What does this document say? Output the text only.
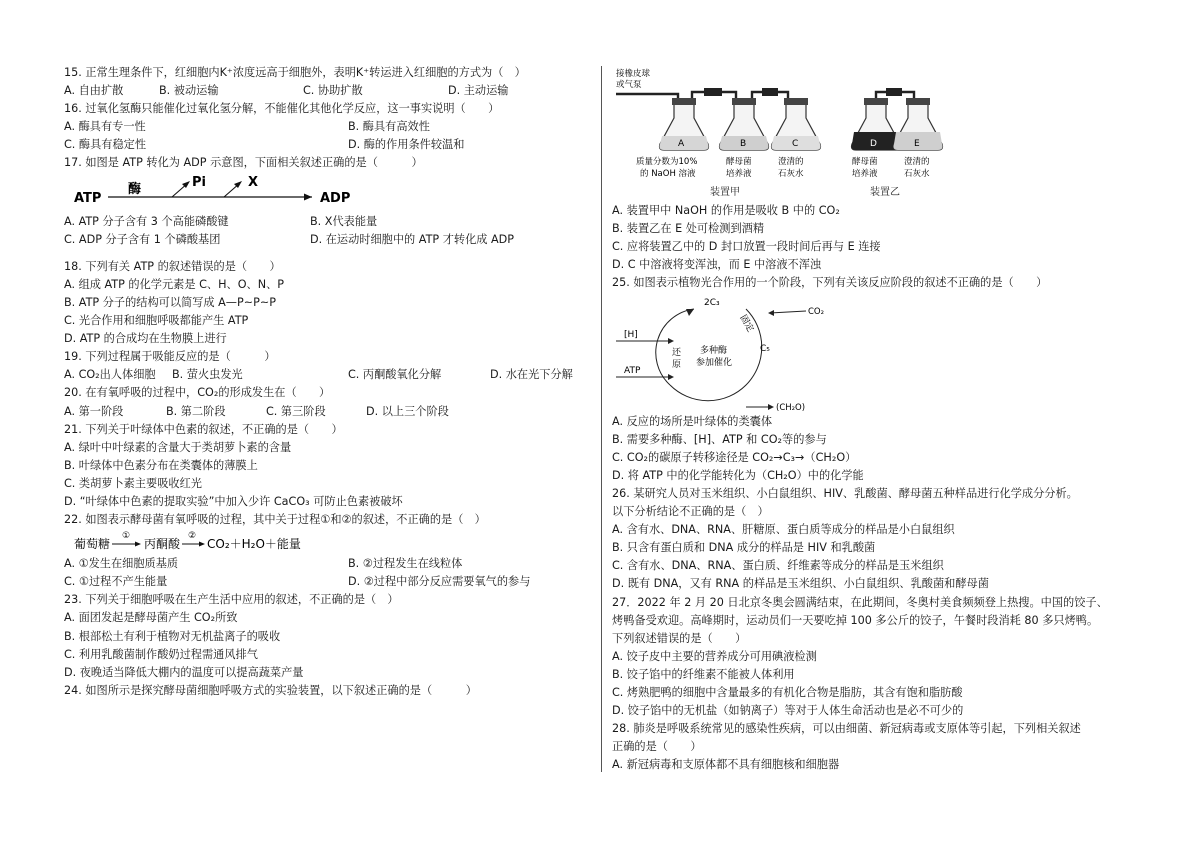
15. 正常生理条件下，红细胞内K⁺浓度远高于细胞外，表明K⁺转运进入红细胞的方式为（　）
A. 自由扩散	B. 被动运输	C. 协助扩散	D. 主动运输
16. 过氧化氢酶只能催化过氧化氢分解，不能催化其他化学反应，这一事实说明（　　）
A. 酶具有专一性	B. 酶具有高效性
C. 酶具有稳定性	D. 酶的作用条件较温和
17. 如图是 ATP 转化为 ADP 示意图，下面相关叙述正确的是（　　　）
ATP
酶	Pi	X
ADP
A. ATP 分子含有 3 个高能磷酸键	B. X代表能量
C. ADP 分子含有 1 个磷酸基团	D. 在运动时细胞中的 ATP 才转化成 ADP
18. 下列有关 ATP 的叙述错误的是（　　）
A. 组成 ATP 的化学元素是 C、H、O、N、P
B. ATP 分子的结构可以简写成 A—P~P~P
C. 光合作用和细胞呼吸都能产生 ATP
D. ATP 的合成均在生物膜上进行
19. 下列过程属于吸能反应的是（　　　）
A. CO₂出人体细胞	B. 萤火虫发光	C. 丙酮酸氧化分解	D. 水在光下分解
20. 在有氧呼吸的过程中，CO₂的形成发生在（　　）
A. 第一阶段	B. 第二阶段	C. 第三阶段	D. 以上三个阶段
21. 下列关于叶绿体中色素的叙述，不正确的是（　　）
A. 绿叶中叶绿素的含量大于类胡萝卜素的含量
B. 叶绿体中色素分布在类囊体的薄膜上
C. 类胡萝卜素主要吸收红光
D. “叶绿体中色素的提取实验”中加入少许 CaCO₃ 可防止色素被破坏
22. 如图表示酵母菌有氧呼吸的过程，其中关于过程①和②的叙述，不正确的是（　）
葡萄糖
①
丙酮酸
②
CO₂＋H₂O＋能量
A. ①发生在细胞质基质	B. ②过程发生在线粒体
C. ①过程不产生能量	D. ②过程中部分反应需要氧气的参与
23. 下列关于细胞呼吸在生产生活中应用的叙述，不正确的是（　）
A. 面团发起是酵母菌产生 CO₂所致
B. 根部松土有利于植物对无机盐离子的吸收
C. 利用乳酸菌制作酸奶过程需通风排气
D. 夜晚适当降低大棚内的温度可以提高蔬菜产量
24. 如图所示是探究酵母菌细胞呼吸方式的实验装置，以下叙述正确的是（　　　）
接橡皮球
或气泵
A	B	C
质量分数为10%
的 NaOH 溶液
酵母菌
培养液
澄清的
石灰水
D	E
酵母菌
培养液
澄清的
石灰水
装置甲	装置乙
A. 装置甲中 NaOH 的作用是吸收 B 中的 CO₂
B. 装置乙在 E 处可检测到酒精
C. 应将装置乙中的 D 封口放置一段时间后再与 E 连接
D. C 中溶液将变浑浊，而 E 中溶液不浑浊
25. 如图表示植物光合作用的一个阶段，下列有关该反应阶段的叙述不正确的是（　　）
2C₃
CO₂
固定
C₅
[H]
ATP
还
原
多种酶
参加催化
(CH₂O)
A. 反应的场所是叶绿体的类囊体
B. 需要多种酶、[H]、ATP 和 CO₂等的参与
C. CO₂的碳原子转移途径是 CO₂→C₃→（CH₂O）
D. 将 ATP 中的化学能转化为（CH₂O）中的化学能
26. 某研究人员对玉米组织、小白鼠组织、HIV、乳酸菌、酵母菌五种样品进行化学成分分析。
以下分析结论不正确的是（　）
A. 含有水、DNA、RNA、肝糖原、蛋白质等成分的样品是小白鼠组织
B. 只含有蛋白质和 DNA 成分的样品是 HIV 和乳酸菌
C. 含有水、DNA、RNA、蛋白质、纤维素等成分的样品是玉米组织
D. 既有 DNA，又有 RNA 的样品是玉米组织、小白鼠组织、乳酸菌和酵母菌
27．2022 年 2 月 20 日北京冬奥会圆满结束，在此期间，冬奥村美食频频登上热搜。中国的饺子、
烤鸭备受欢迎。高峰期时，运动员们一天要吃掉 100 多公斤的饺子，午餐时段消耗 80 多只烤鸭。
下列叙述错误的是（　　）
A. 饺子皮中主要的营养成分可用碘液检测
B. 饺子馅中的纤维素不能被人体利用
C. 烤熟肥鸭的细胞中含量最多的有机化合物是脂肪，其含有饱和脂肪酸
D. 饺子馅中的无机盐（如钠离子）等对于人体生命活动也是必不可少的
28. 肺炎是呼吸系统常见的感染性疾病，可以由细菌、新冠病毒或支原体等引起，下列相关叙述
正确的是（　　）
A. 新冠病毒和支原体都不具有细胞核和细胞器
